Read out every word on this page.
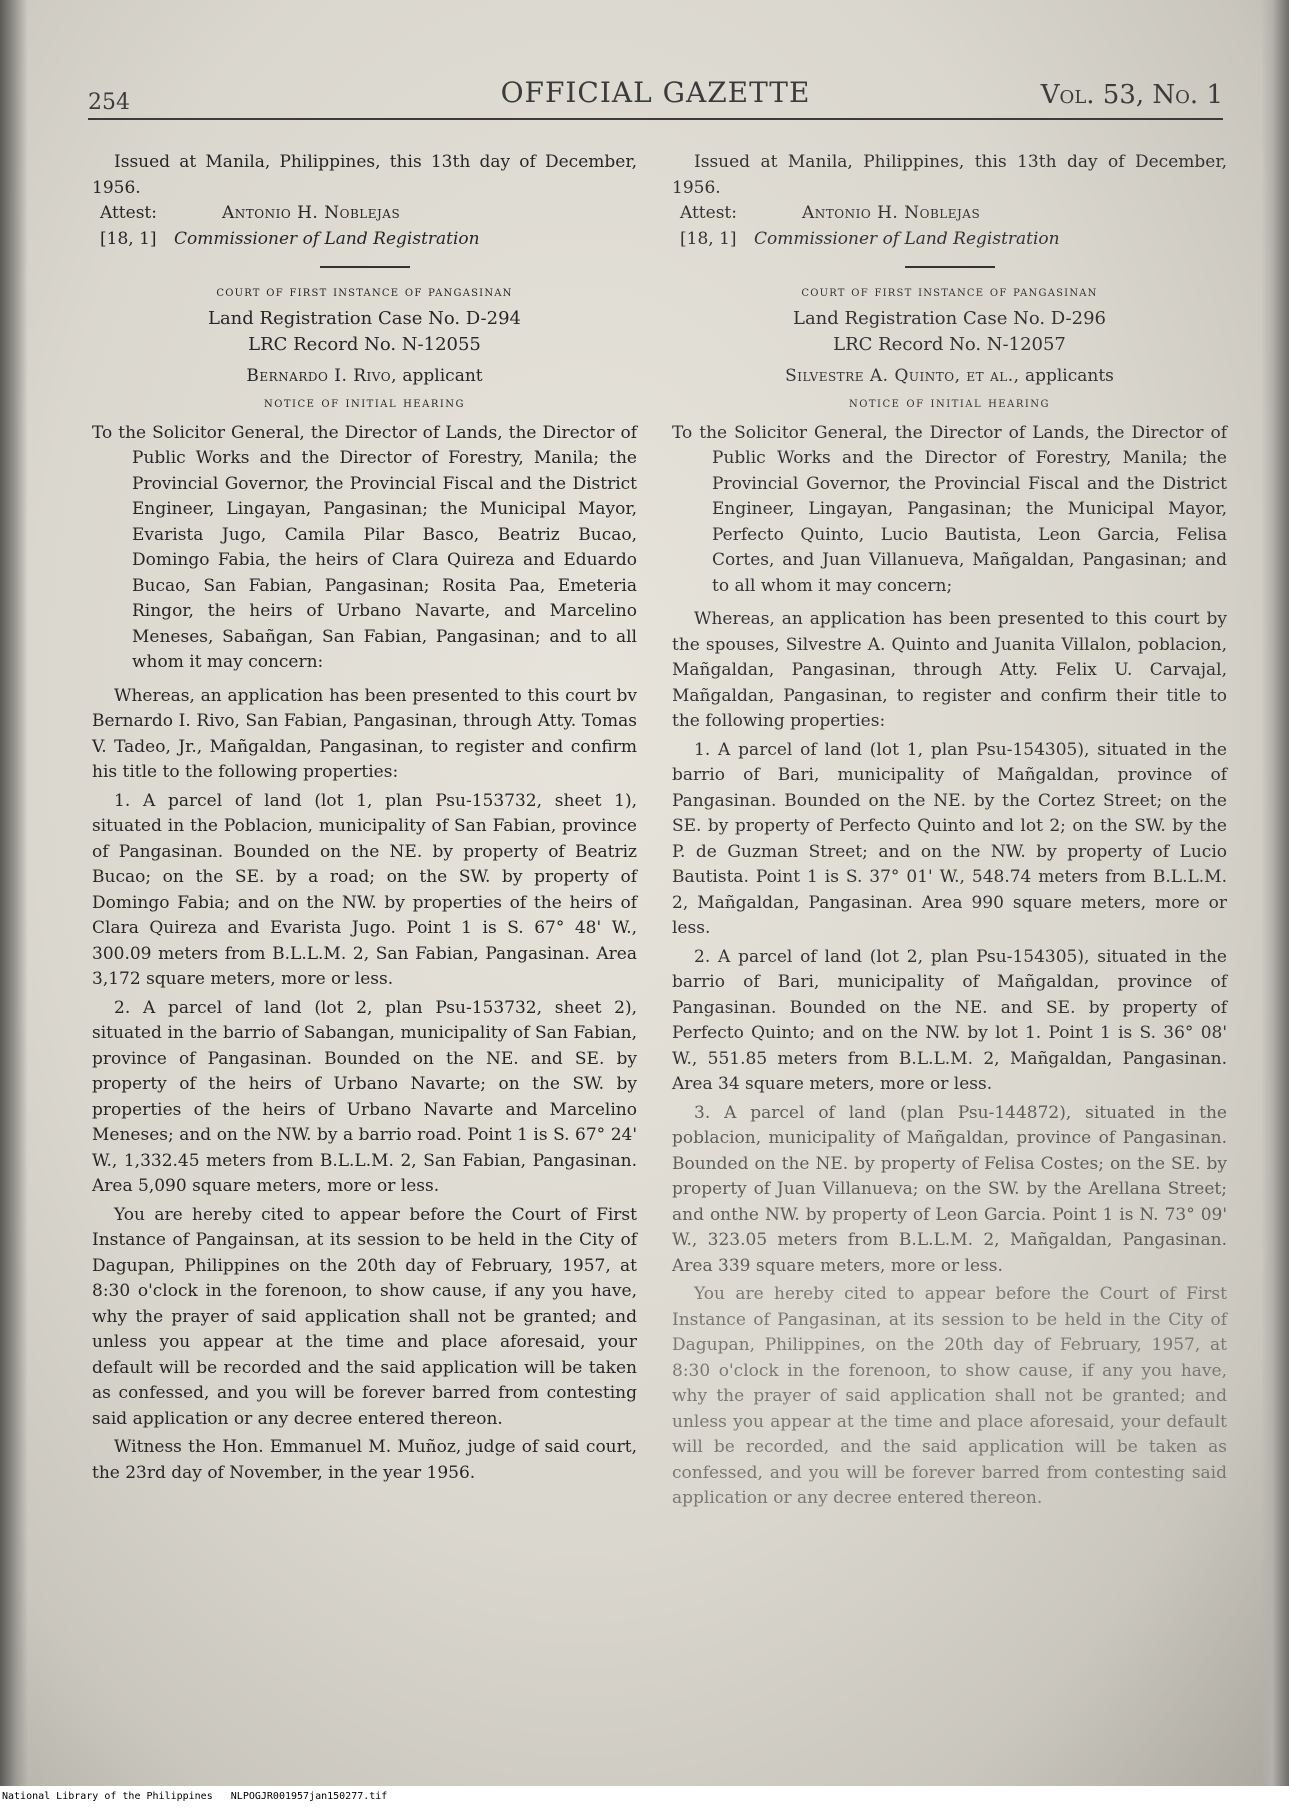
254	OFFICIAL GAZETTE	Vol. 53, No. 1

Issued at Manila, Philippines, this 13th day of December, 1956.

Attest:	Antonio H. Noblejas
[18, 1] Commissioner of Land Registration
court of first instance of pangasinan
Land Registration Case No. D-294
LRC Record No. N-12055
Bernardo I. Rivo, applicant
notice of initial hearing

To the Solicitor General, the Director of Lands, the Director of Public Works and the Director of Forestry, Manila; the Provincial Governor, the Provincial Fiscal and the District Engineer, Lingayan, Pangasinan; the Municipal Mayor, Evarista Jugo, Camila Pilar Basco, Beatriz Bucao, Domingo Fabia, the heirs of Clara Quireza and Eduardo Bucao, San Fabian, Pangasinan; Rosita Paa, Emeteria Ringor, the heirs of Urbano Navarte, and Marcelino Meneses, Sabañgan, San Fabian, Pangasinan; and to all whom it may concern:

Whereas, an application has been presented to this court bv Bernardo I. Rivo, San Fabian, Pangasinan, through Atty. Tomas V. Tadeo, Jr., Mañgaldan, Pangasinan, to register and confirm his title to the following properties:

1. A parcel of land (lot 1, plan Psu-153732, sheet 1), situated in the Poblacion, municipality of San Fabian, province of Pangasinan. Bounded on the NE. by property of Beatriz Bucao; on the SE. by a road; on the SW. by property of Domingo Fabia; and on the NW. by properties of the heirs of Clara Quireza and Evarista Jugo. Point 1 is S. 67° 48' W., 300.09 meters from B.L.L.M. 2, San Fabian, Pangasinan. Area 3,172 square meters, more or less.

2. A parcel of land (lot 2, plan Psu-153732, sheet 2), situated in the barrio of Sabangan, municipality of San Fabian, province of Pangasinan. Bounded on the NE. and SE. by property of the heirs of Urbano Navarte; on the SW. by properties of the heirs of Urbano Navarte and Marcelino Meneses; and on the NW. by a barrio road. Point 1 is S. 67° 24' W., 1,332.45 meters from B.L.L.M. 2, San Fabian, Pangasinan. Area 5,090 square meters, more or less.

You are hereby cited to appear before the Court of First Instance of Pangainsan, at its session to be held in the City of Dagupan, Philippines on the 20th day of February, 1957, at 8:30 o'clock in the forenoon, to show cause, if any you have, why the prayer of said application shall not be granted; and unless you appear at the time and place aforesaid, your default will be recorded and the said application will be taken as confessed, and you will be forever barred from contesting said application or any decree entered thereon.

Witness the Hon. Emmanuel M. Muñoz, judge of said court, the 23rd day of November, in the year 1956.

Issued at Manila, Philippines, this 13th day of December, 1956.

Attest:	Antonio H. Noblejas
[18, 1] Commissioner of Land Registration
court of first instance of pangasinan
Land Registration Case No. D-296
LRC Record No. N-12057
Silvestre A. Quinto, et al., applicants
notice of initial hearing

To the Solicitor General, the Director of Lands, the Director of Public Works and the Director of Forestry, Manila; the Provincial Governor, the Provincial Fiscal and the District Engineer, Lingayan, Pangasinan; the Municipal Mayor, Perfecto Quinto, Lucio Bautista, Leon Garcia, Felisa Cortes, and Juan Villanueva, Mañgaldan, Pangasinan; and to all whom it may concern;

Whereas, an application has been presented to this court by the spouses, Silvestre A. Quinto and Juanita Villalon, poblacion, Mañgaldan, Pangasinan, through Atty. Felix U. Carvajal, Mañgaldan, Pangasinan, to register and confirm their title to the following properties:

1. A parcel of land (lot 1, plan Psu-154305), situated in the barrio of Bari, municipality of Mañgaldan, province of Pangasinan. Bounded on the NE. by the Cortez Street; on the SE. by property of Perfecto Quinto and lot 2; on the SW. by the P. de Guzman Street; and on the NW. by property of Lucio Bautista. Point 1 is S. 37° 01' W., 548.74 meters from B.L.L.M. 2, Mañgaldan, Pangasinan. Area 990 square meters, more or less.

2. A parcel of land (lot 2, plan Psu-154305), situated in the barrio of Bari, municipality of Mañgaldan, province of Pangasinan. Bounded on the NE. and SE. by property of Perfecto Quinto; and on the NW. by lot 1. Point 1 is S. 36° 08' W., 551.85 meters from B.L.L.M. 2, Mañgaldan, Pangasinan. Area 34 square meters, more or less.

3. A parcel of land (plan Psu-144872), situated in the poblacion, municipality of Mañgaldan, province of Pangasinan. Bounded on the NE. by property of Felisa Costes; on the SE. by property of Juan Villanueva; on the SW. by the Arellana Street; and onthe NW. by property of Leon Garcia. Point 1 is N. 73° 09' W., 323.05 meters from B.L.L.M. 2, Mañgaldan, Pangasinan. Area 339 square meters, more or less.

You are hereby cited to appear before the Court of First Instance of Pangasinan, at its session to be held in the City of Dagupan, Philippines, on the 20th day of February, 1957, at 8:30 o'clock in the forenoon, to show cause, if any you have, why the prayer of said application shall not be granted; and unless you appear at the time and place aforesaid, your default will be recorded, and the said application will be taken as confessed, and you will be forever barred from contesting said application or any decree entered thereon.

National Library of the Philippines NLPOGJR001957jan150277.tif
